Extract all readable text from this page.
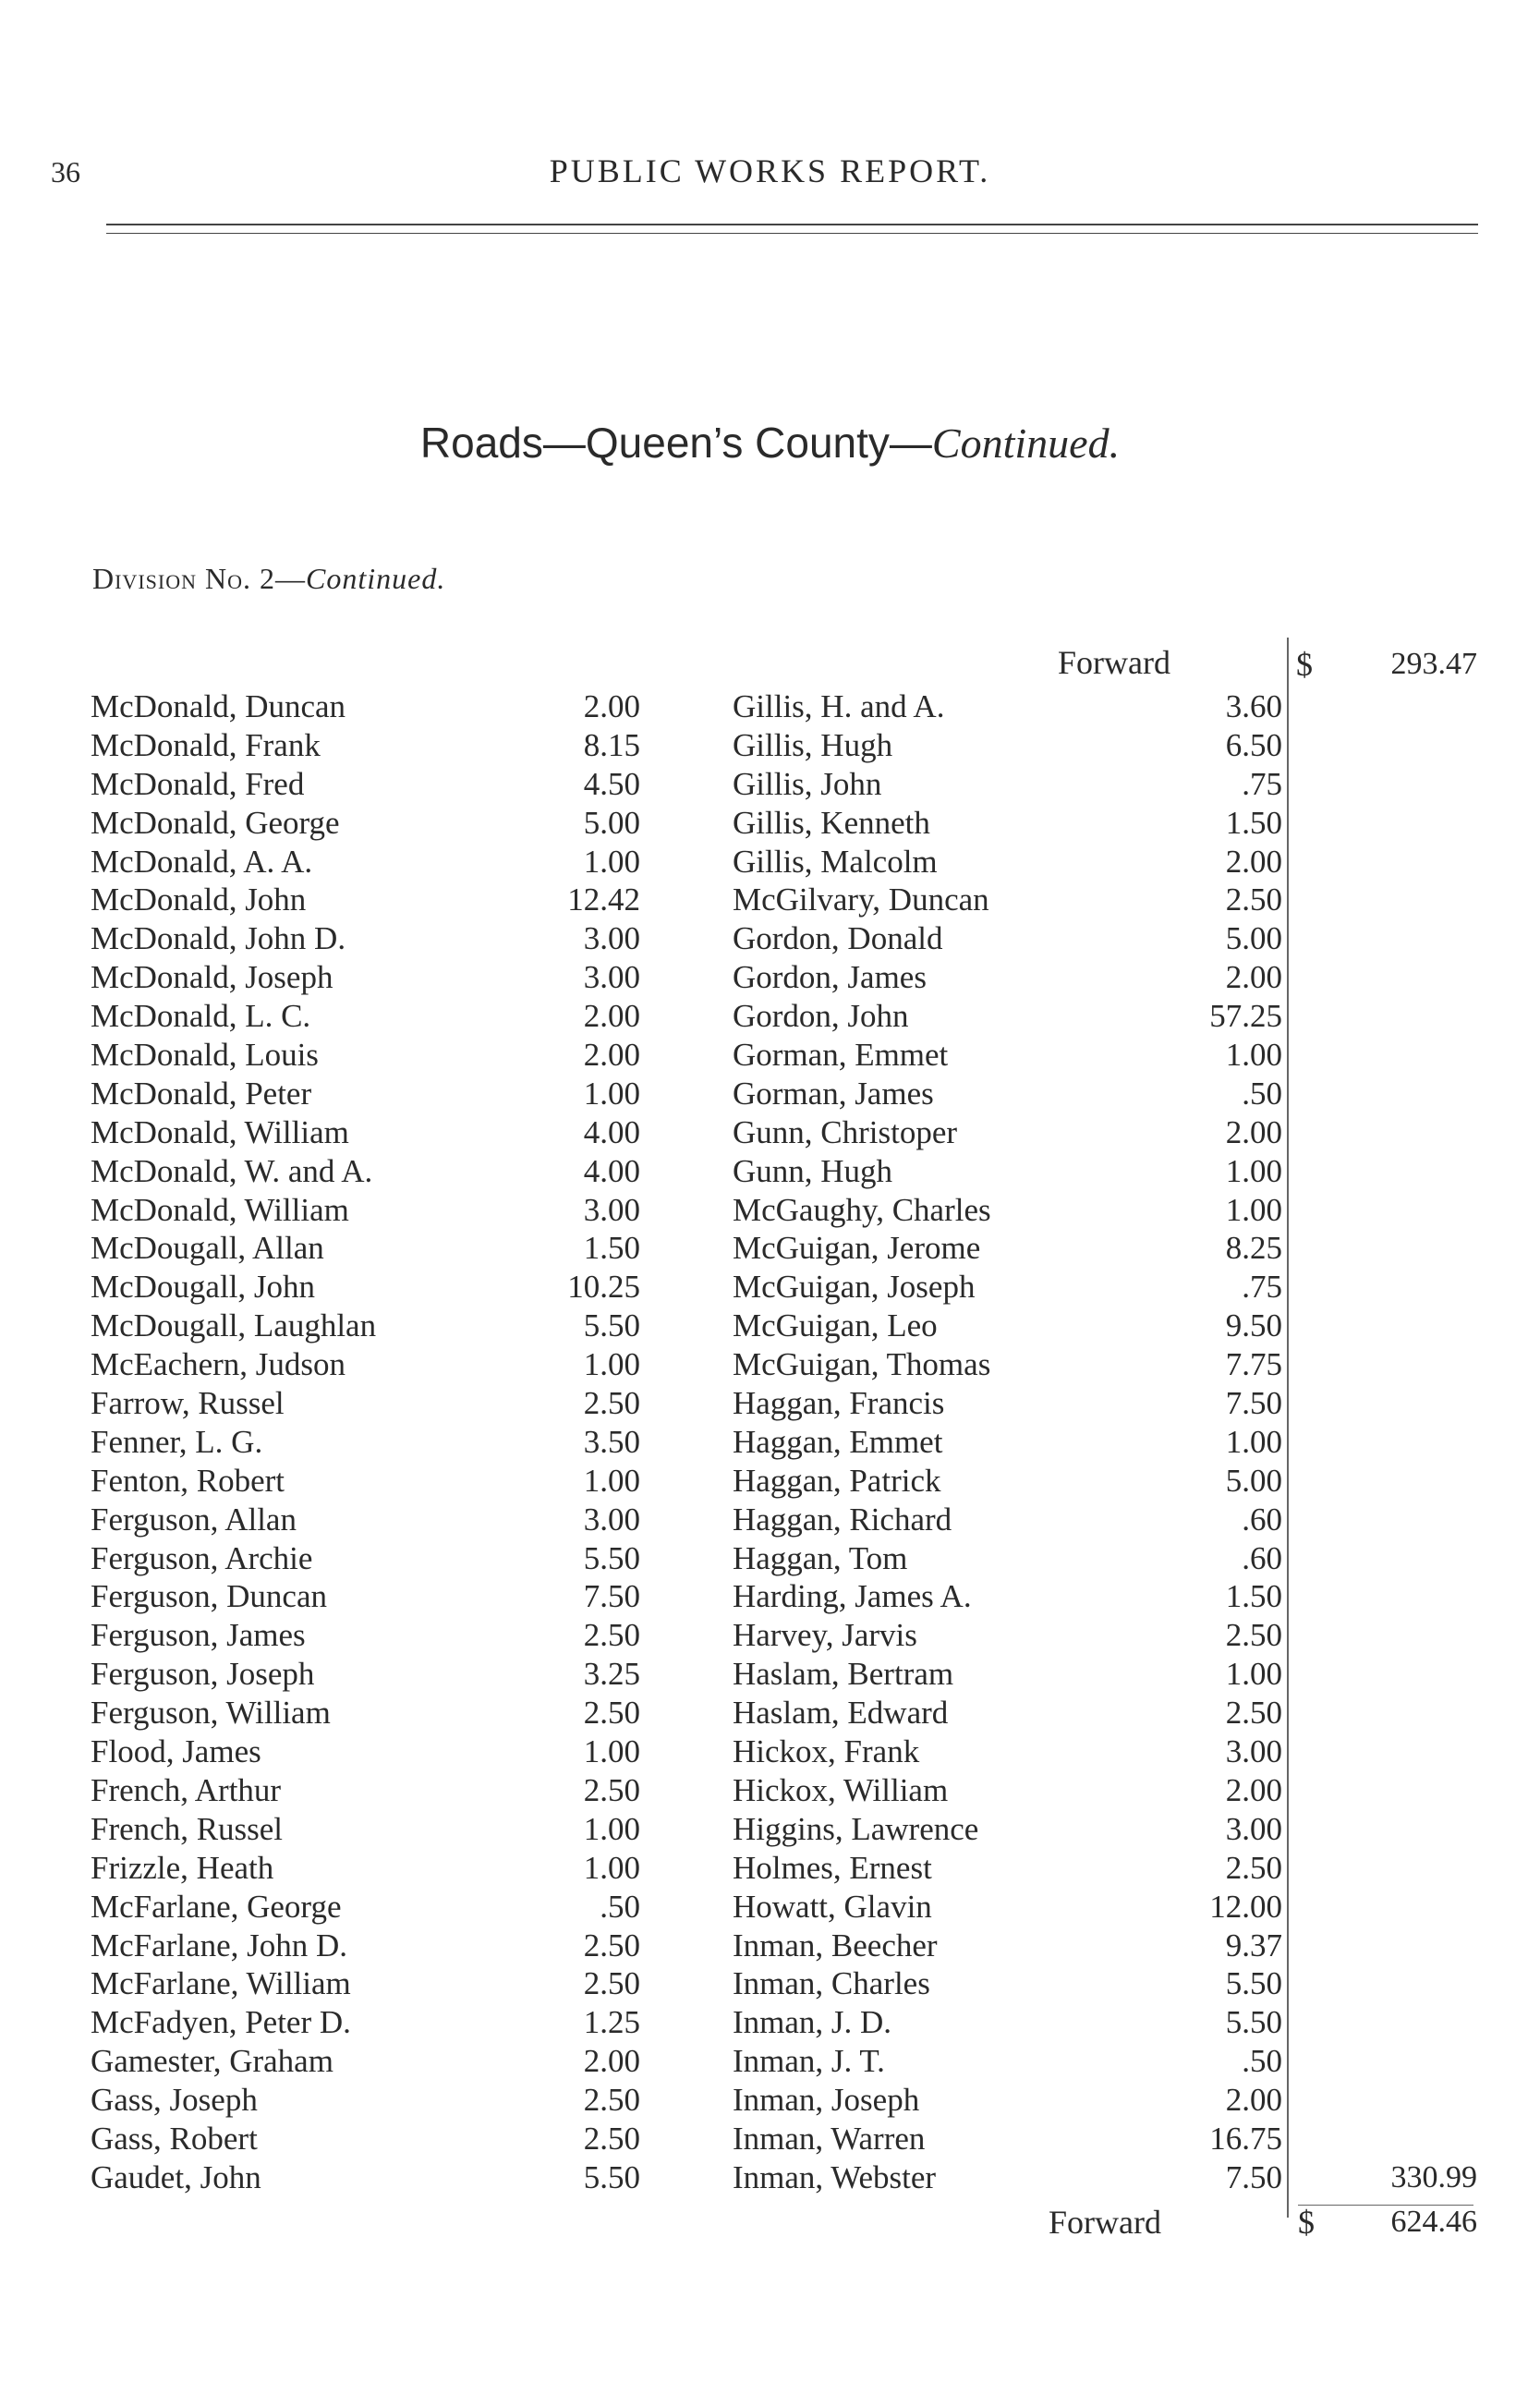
36	PUBLIC WORKS REPORT.
Roads—Queen’s County—Continued.
Division No. 2—Continued.
Forward	$ 293.47
McDonald, Duncan	2.00
McDonald, Frank	8.15
McDonald, Fred	4.50
McDonald, George	5.00
McDonald, A. A.	1.00
McDonald, John	12.42
McDonald, John D.	3.00
McDonald, Joseph	3.00
McDonald, L. C.	2.00
McDonald, Louis	2.00
McDonald, Peter	1.00
McDonald, William	4.00
McDonald, W. and A.	4.00
McDonald, William	3.00
McDougall, Allan	1.50
McDougall, John	10.25
McDougall, Laughlan	5.50
McEachern, Judson	1.00
Farrow, Russel	2.50
Fenner, L. G.	3.50
Fenton, Robert	1.00
Ferguson, Allan	3.00
Ferguson, Archie	5.50
Ferguson, Duncan	7.50
Ferguson, James	2.50
Ferguson, Joseph	3.25
Ferguson, William	2.50
Flood, James	1.00
French, Arthur	2.50
French, Russel	1.00
Frizzle, Heath	1.00
McFarlane, George	.50
McFarlane, John D.	2.50
McFarlane, William	2.50
McFadyen, Peter D.	1.25
Gamester, Graham	2.00
Gass, Joseph	2.50
Gass, Robert	2.50
Gaudet, John	5.50
Gillis, H. and A.	3.60
Gillis, Hugh	6.50
Gillis, John	.75
Gillis, Kenneth	1.50
Gillis, Malcolm	2.00
McGilvary, Duncan	2.50
Gordon, Donald	5.00
Gordon, James	2.00
Gordon, John	57.25
Gorman, Emmet	1.00
Gorman, James	.50
Gunn, Christoper	2.00
Gunn, Hugh	1.00
McGaughy, Charles	1.00
McGuigan, Jerome	8.25
McGuigan, Joseph	.75
McGuigan, Leo	9.50
McGuigan, Thomas	7.75
Haggan, Francis	7.50
Haggan, Emmet	1.00
Haggan, Patrick	5.00
Haggan, Richard	.60
Haggan, Tom	.60
Harding, James A.	1.50
Harvey, Jarvis	2.50
Haslam, Bertram	1.00
Haslam, Edward	2.50
Hickox, Frank	3.00
Hickox, William	2.00
Higgins, Lawrence	3.00
Holmes, Ernest	2.50
Howatt, Glavin	12.00
Inman, Beecher	9.37
Inman, Charles	5.50
Inman, J. D.	5.50
Inman, J. T.	.50
Inman, Joseph	2.00
Inman, Warren	16.75
Inman, Webster	7.50	330.99
Forward	$ 624.46
